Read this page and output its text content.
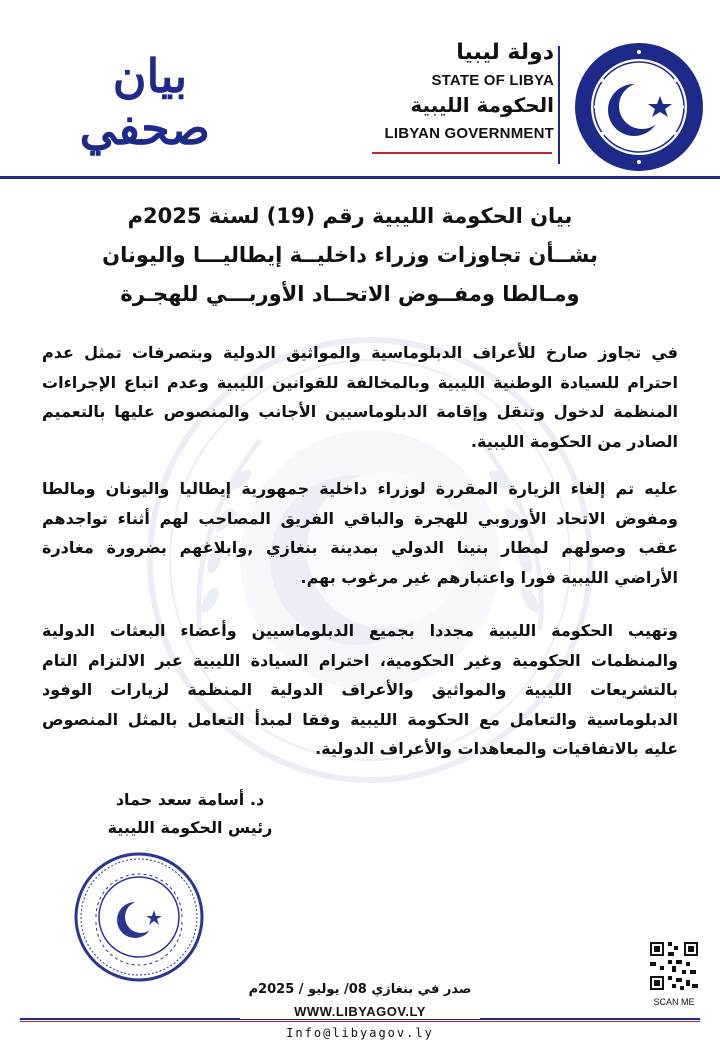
دولة ليبيا
STATE OF LIBYA
الحكومة الليبية
LIBYAN GOVERNMENT
بيان صحفي
بيان الحكومة الليبية رقم (19) لسنة 2025م
بشــأن تجاوزات وزراء داخليــة إيطاليـــا واليونان
ومـالطا ومفــوض الاتحــاد الأوربـــي للهجـرة
في تجاوز صارخ للأعراف الدبلوماسية والمواثيق الدولية وبتصرفات تمثل عدم احترام للسيادة الوطنية الليبية وبالمخالفة للقوانين الليبية وعدم اتباع الإجراءات المنظمة لدخول وتنقل وإقامة الدبلوماسيين الأجانب والمنصوص عليها بالتعميم الصادر من الحكومة الليبية.
عليه تم إلغاء الزيارة المقررة لوزراء داخلية جمهورية إيطاليا واليونان ومالطا ومفوض الاتحاد الأوروبي للهجرة والباقي الفريق المصاحب لهم أثناء تواجدهم عقب وصولهم لمطار بنينا الدولي بمدينة بنغازي ,وابلاغهم بضرورة مغادرة الأراضي الليبية فورا واعتبارهم غير مرغوب بهم.
وتهيب الحكومة الليبية مجددا بجميع الدبلوماسيين وأعضاء البعثات الدولية والمنظمات الحكومية وغير الحكومية، احترام السيادة الليبية عبر الالتزام التام بالتشريعات الليبية والمواثيق والأعراف الدولية المنظمة لزيارات الوفود الدبلوماسية والتعامل مع الحكومة الليبية وفقا لمبدأ التعامل بالمثل المنصوص عليه بالاتفاقيات والمعاهدات والأعراف الدولية.
د. أسامة سعد حماد
رئيس الحكومة الليبية
صدر في بنغازي 08/ يوليو / 2025م
WWW.LIBYAGOV.LY
Info@libyagov.ly
SCAN ME
